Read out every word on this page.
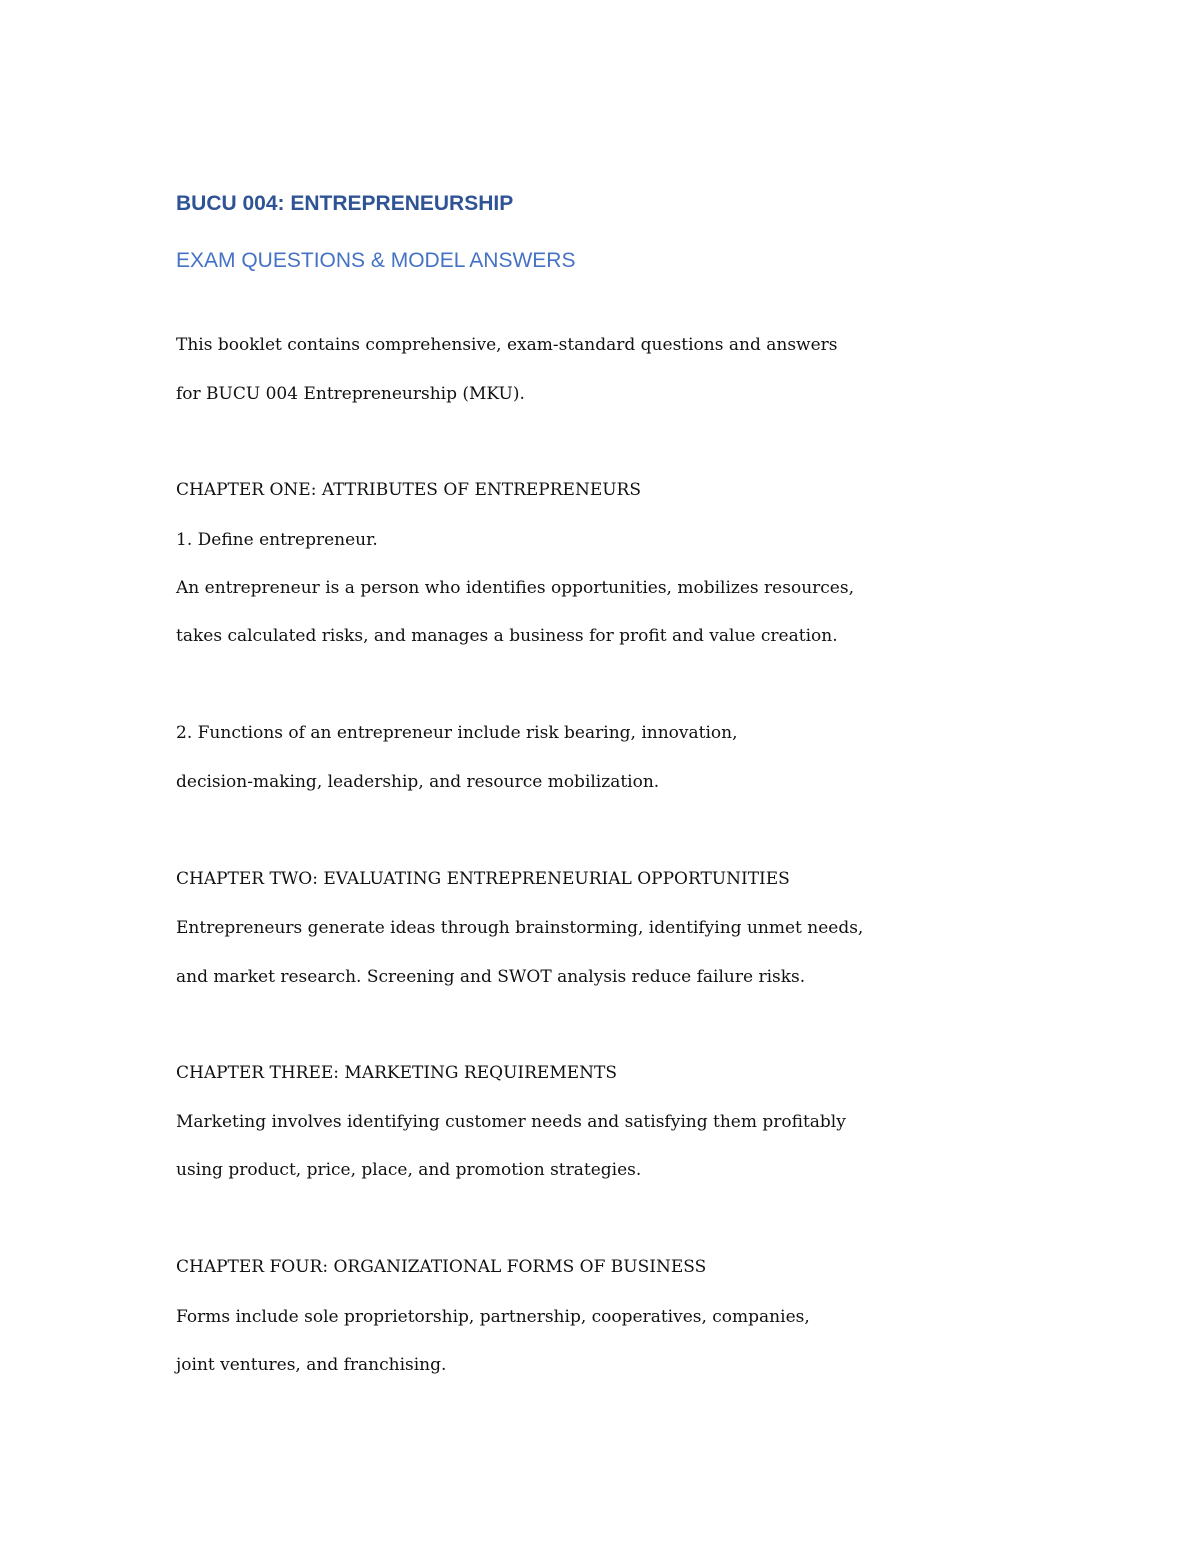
BUCU 004: ENTREPRENEURSHIP
EXAM QUESTIONS & MODEL ANSWERS
This booklet contains comprehensive, exam-standard questions and answers
for BUCU 004 Entrepreneurship (MKU).
CHAPTER ONE: ATTRIBUTES OF ENTREPRENEURS
1. Define entrepreneur.
An entrepreneur is a person who identifies opportunities, mobilizes resources,
takes calculated risks, and manages a business for profit and value creation.
2. Functions of an entrepreneur include risk bearing, innovation,
decision-making, leadership, and resource mobilization.
CHAPTER TWO: EVALUATING ENTREPRENEURIAL OPPORTUNITIES
Entrepreneurs generate ideas through brainstorming, identifying unmet needs,
and market research. Screening and SWOT analysis reduce failure risks.
CHAPTER THREE: MARKETING REQUIREMENTS
Marketing involves identifying customer needs and satisfying them profitably
using product, price, place, and promotion strategies.
CHAPTER FOUR: ORGANIZATIONAL FORMS OF BUSINESS
Forms include sole proprietorship, partnership, cooperatives, companies,
joint ventures, and franchising.
